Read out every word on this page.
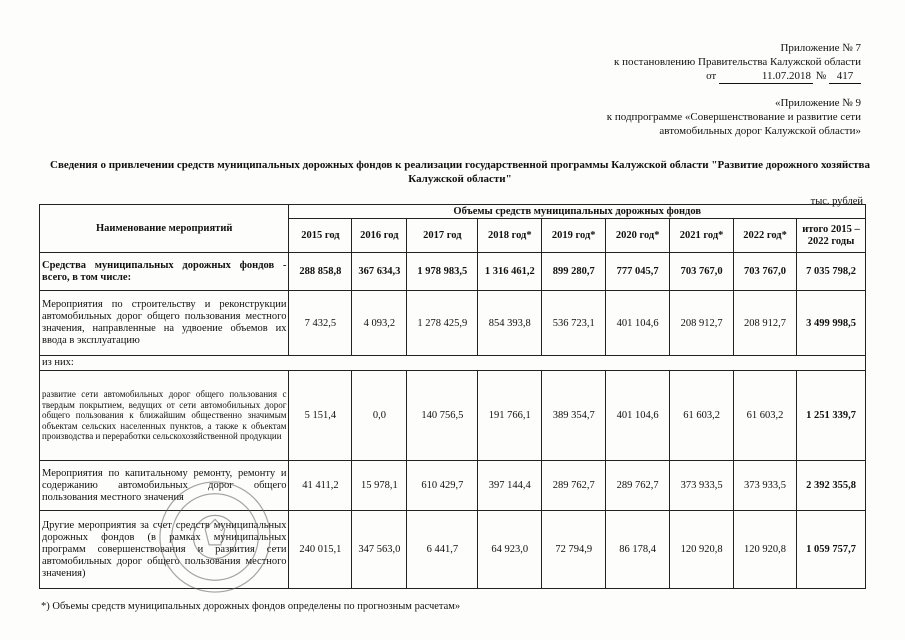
Приложение № 7
к постановлению Правительства Калужской области
от	11.07.2018 № 417
«Приложение № 9
к подпрограмме «Совершенствование и развитие сети
автомобильных дорог Калужской области»
Сведения о привлечении средств муниципальных дорожных фондов к реализации государственной программы Калужской области "Развитие дорожного хозяйства Калужской области"
тыс. рублей
Наименование мероприятий	Объемы средств муниципальных дорожных фондов								
	2015 год	2016 год	2017 год	2018 год*	2019 год*	2020 год*	2021 год*	2022 год*	итого 2015 – 2022 годы
Средства муниципальных дорожных фондов - всего, в том числе:	288 858,8	367 634,3	1 978 983,5	1 316 461,2	899 280,7	777 045,7	703 767,0	703 767,0	7 035 798,2
Мероприятия по строительству и реконструкции автомобильных дорог общего пользования местного значения, направленные на удвоение объемов их ввода в эксплуатацию	7 432,5	4 093,2	1 278 425,9	854 393,8	536 723,1	401 104,6	208 912,7	208 912,7	3 499 998,5
из них:									
развитие сети автомобильных дорог общего пользования с твердым покрытием, ведущих от сети автомобильных дорог общего пользования к ближайшим общественно значимым объектам сельских населенных пунктов, а также к объектам производства и переработки сельскохозяйственной продукции	5 151,4	0,0	140 756,5	191 766,1	389 354,7	401 104,6	61 603,2	61 603,2	1 251 339,7
Мероприятия по капитальному ремонту, ремонту и содержанию автомобильных дорог общего пользования местного значения	41 411,2	15 978,1	610 429,7	397 144,4	289 762,7	289 762,7	373 933,5	373 933,5	2 392 355,8
Другие мероприятия за счет средств муниципальных дорожных фондов (в рамках муниципальных программ совершенствования и развития сети автомобильных дорог общего пользования местного значения)	240 015,1	347 563,0	6 441,7	64 923,0	72 794,9	86 178,4	120 920,8	120 920,8	1 059 757,7
*) Объемы средств муниципальных дорожных фондов определены по прогнозным расчетам»
